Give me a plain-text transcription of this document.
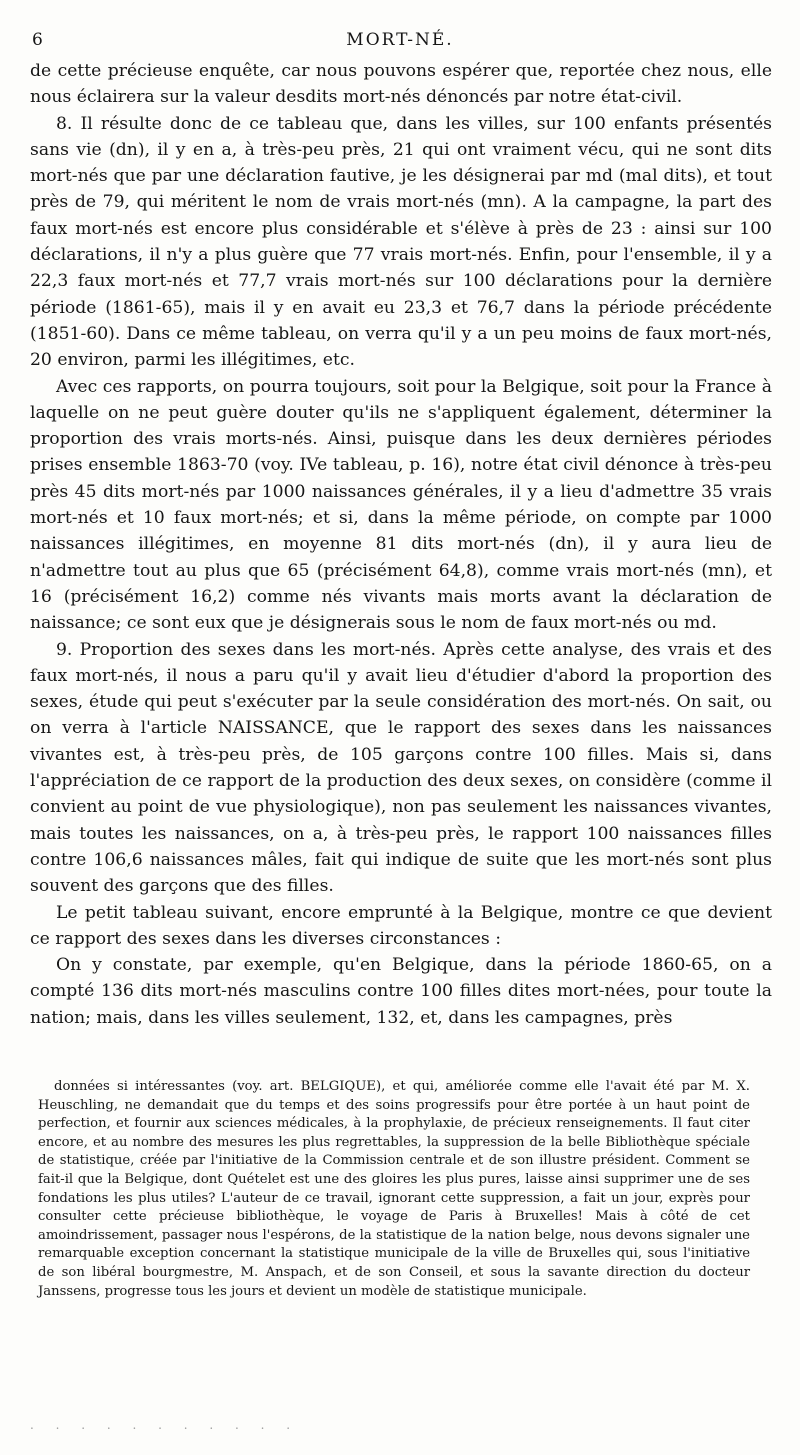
6	MORT-NÉ.

de cette précieuse enquête, car nous pouvons espérer que, reportée chez nous, elle nous éclairera sur la valeur desdits mort-nés dénoncés par notre état-civil.

8. Il résulte donc de ce tableau que, dans les villes, sur 100 enfants présentés sans vie (dn), il y en a, à très-peu près, 21 qui ont vraiment vécu, qui ne sont dits mort-nés que par une déclaration fautive, je les désignerai par md (mal dits), et tout près de 79, qui méritent le nom de vrais mort-nés (mn). A la campagne, la part des faux mort-nés est encore plus considérable et s'élève à près de 23 : ainsi sur 100 déclarations, il n'y a plus guère que 77 vrais mort-nés. Enfin, pour l'ensemble, il y a 22,3 faux mort-nés et 77,7 vrais mort-nés sur 100 déclarations pour la dernière période (1861-65), mais il y en avait eu 23,3 et 76,7 dans la période précédente (1851-60). Dans ce même tableau, on verra qu'il y a un peu moins de faux mort-nés, 20 environ, parmi les illégitimes, etc.

Avec ces rapports, on pourra toujours, soit pour la Belgique, soit pour la France à laquelle on ne peut guère douter qu'ils ne s'appliquent également, déterminer la proportion des vrais morts-nés. Ainsi, puisque dans les deux dernières périodes prises ensemble 1863-70 (voy. IVe tableau, p. 16), notre état civil dénonce à très-peu près 45 dits mort-nés par 1000 naissances générales, il y a lieu d'admettre 35 vrais mort-nés et 10 faux mort-nés; et si, dans la même période, on compte par 1000 naissances illégitimes, en moyenne 81 dits mort-nés (dn), il y aura lieu de n'admettre tout au plus que 65 (précisément 64,8), comme vrais mort-nés (mn), et 16 (précisément 16,2) comme nés vivants mais morts avant la déclaration de naissance; ce sont eux que je désignerais sous le nom de faux mort-nés ou md.

9. Proportion des sexes dans les mort-nés. Après cette analyse, des vrais et des faux mort-nés, il nous a paru qu'il y avait lieu d'étudier d'abord la proportion des sexes, étude qui peut s'exécuter par la seule considération des mort-nés. On sait, ou on verra à l'article NAISSANCE, que le rapport des sexes dans les naissances vivantes est, à très-peu près, de 105 garçons contre 100 filles. Mais si, dans l'appréciation de ce rapport de la production des deux sexes, on considère (comme il convient au point de vue physiologique), non pas seulement les naissances vivantes, mais toutes les naissances, on a, à très-peu près, le rapport 100 naissances filles contre 106,6 naissances mâles, fait qui indique de suite que les mort-nés sont plus souvent des garçons que des filles.

Le petit tableau suivant, encore emprunté à la Belgique, montre ce que devient ce rapport des sexes dans les diverses circonstances :

On y constate, par exemple, qu'en Belgique, dans la période 1860-65, on a compté 136 dits mort-nés masculins contre 100 filles dites mort-nées, pour toute la nation; mais, dans les villes seulement, 132, et, dans les campagnes, près

données si intéressantes (voy. art. BELGIQUE), et qui, améliorée comme elle l'avait été par M. X. Heuschling, ne demandait que du temps et des soins progressifs pour être portée à un haut point de perfection, et fournir aux sciences médicales, à la prophylaxie, de précieux renseignements. Il faut citer encore, et au nombre des mesures les plus regrettables, la suppression de la belle Bibliothèque spéciale de statistique, créée par l'initiative de la Commission centrale et de son illustre président. Comment se fait-il que la Belgique, dont Quételet est une des gloires les plus pures, laisse ainsi supprimer une de ses fondations les plus utiles? L'auteur de ce travail, ignorant cette suppression, a fait un jour, exprès pour consulter cette précieuse bibliothèque, le voyage de Paris à Bruxelles! Mais à côté de cet amoindrissement, passager nous l'espérons, de la statistique de la nation belge, nous devons signaler une remarquable exception concernant la statistique municipale de la ville de Bruxelles qui, sous l'initiative de son libéral bourgmestre, M. Anspach, et de son Conseil, et sous la savante direction du docteur Janssens, progresse tous les jours et devient un modèle de statistique municipale.

. . . . . . . . . . .
